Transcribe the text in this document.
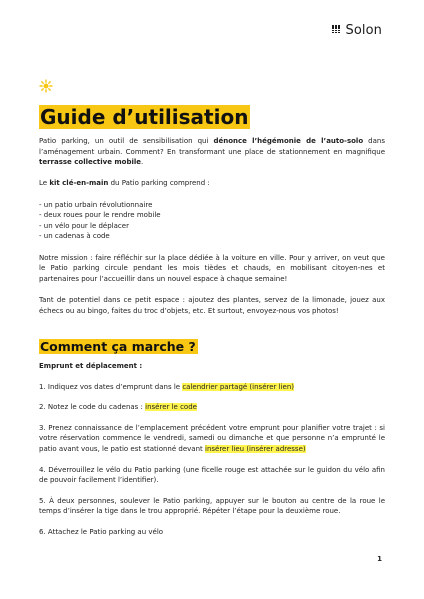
Solon
Guide d’utilisation

Patio parking, un outil de sensibilisation qui dénonce l’hégémonie de l’auto-solo dans l’aménagement urbain. Comment? En transformant une place de stationnement en magnifique terrasse collective mobile.

Le kit clé-en-main du Patio parking comprend :

- un patio urbain révolutionnaire

- deux roues pour le rendre mobile

- un vélo pour le déplacer

- un cadenas à code

Notre mission : faire réfléchir sur la place dédiée à la voiture en ville. Pour y arriver, on veut que le Patio parking circule pendant les mois tièdes et chauds, en mobilisant citoyen-nes et partenaires pour l’accueillir dans un nouvel espace à chaque semaine!

Tant de potentiel dans ce petit espace : ajoutez des plantes, servez de la limonade, jouez aux échecs ou au bingo, faites du troc d’objets, etc. Et surtout, envoyez-nous vos photos!

Comment ça marche ?

Emprunt et déplacement :

1. Indiquez vos dates d’emprunt dans le calendrier partagé (insérer lien)

2. Notez le code du cadenas : insérer le code

3. Prenez connaissance de l’emplacement précédent votre emprunt pour planifier votre trajet : si votre réservation commence le vendredi, samedi ou dimanche et que personne n’a emprunté le patio avant vous, le patio est stationné devant insérer lieu (insérer adresse)

4. Déverrouillez le vélo du Patio parking (une ficelle rouge est attachée sur le guidon du vélo afin de pouvoir facilement l’identifier).

5. À deux personnes, soulever le Patio parking, appuyer sur le bouton au centre de la roue le temps d’insérer la tige dans le trou approprié. Répéter l’étape pour la deuxième roue.

6. Attachez le Patio parking au vélo

1
